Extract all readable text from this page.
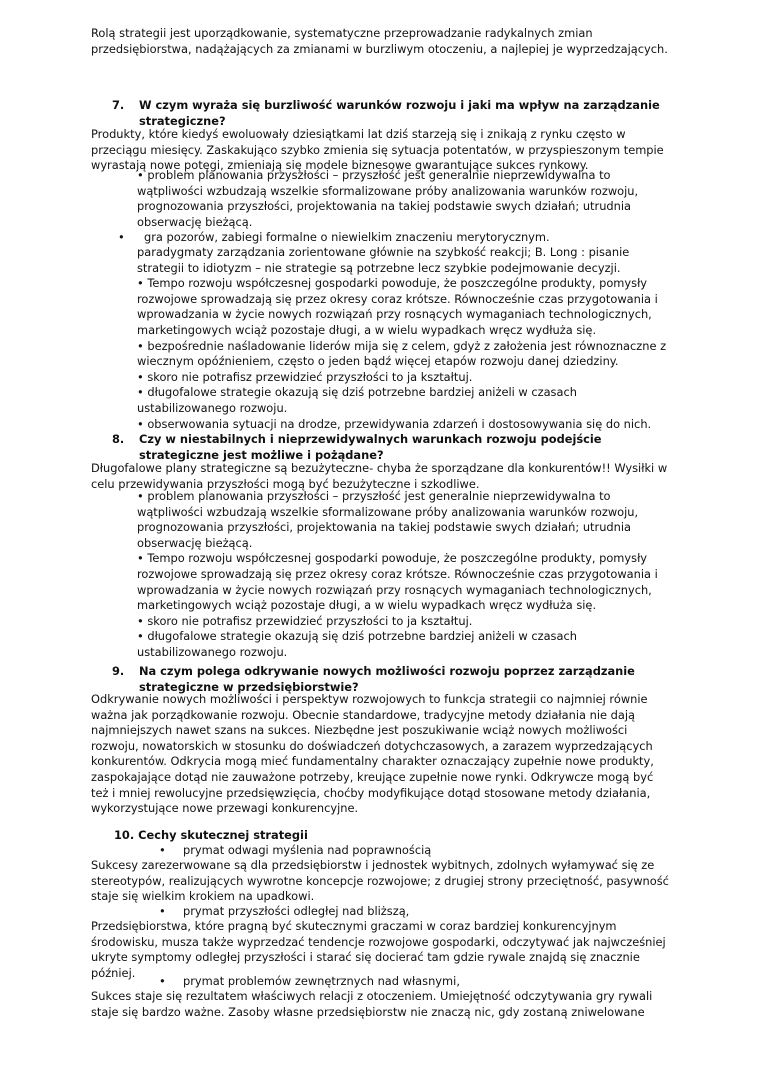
Rolą strategii jest uporządkowanie, systematyczne przeprowadzanie radykalnych zmian przedsiębiorstwa, nadążających za zmianami w burzliwym otoczeniu, a najlepiej je wyprzedzających.

7. W czym wyraża się burzliwość warunków rozwoju i jaki ma wpływ na zarządzanie strategiczne?

Produkty, które kiedyś ewoluowały dziesiątkami lat dziś starzeją się i znikają z rynku często w przeciągu miesięcy. Zaskakująco szybko zmienia się sytuacja potentatów, w przyspieszonym tempie wyrastają nowe potęgi, zmieniają się modele biznesowe gwarantujące sukces rynkowy.

• problem planowania przyszłości – przyszłość jest generalnie nieprzewidywalna to wątpliwości wzbudzają wszelkie sformalizowane próby analizowania warunków rozwoju, prognozowania przyszłości, projektowania na takiej podstawie swych działań; utrudnia obserwację bieżącą.

• gra pozorów, zabiegi formalne o niewielkim znaczeniu merytorycznym.

paradygmaty zarządzania zorientowane głównie na szybkość reakcji; B. Long : pisanie strategii to idiotyzm – nie strategie są potrzebne lecz szybkie podejmowanie decyzji.

• Tempo rozwoju współczesnej gospodarki powoduje, że poszczególne produkty, pomysły rozwojowe sprowadzają się przez okresy coraz krótsze. Równocześnie czas przygotowania i wprowadzania w życie nowych rozwiązań przy rosnących wymaganiach technologicznych, marketingowych wciąż pozostaje długi, a w wielu wypadkach wręcz wydłuża się.

• bezpośrednie naśladowanie liderów mija się z celem, gdyż z założenia jest równoznaczne z wiecznym opóźnieniem, często o jeden bądź więcej etapów rozwoju danej dziedziny.

• skoro nie potrafisz przewidzieć przyszłości to ja kształtuj.

• długofalowe strategie okazują się dziś potrzebne bardziej aniżeli w czasach ustabilizowanego rozwoju.

• obserwowania sytuacji na drodze, przewidywania zdarzeń i dostosowywania się do nich.

8. Czy w niestabilnych i nieprzewidywalnych warunkach rozwoju podejście strategiczne jest możliwe i pożądane?

Długofalowe plany strategiczne są bezużyteczne- chyba że sporządzane dla konkurentów!! Wysiłki w celu przewidywania przyszłości mogą być bezużyteczne i szkodliwe.

• problem planowania przyszłości – przyszłość jest generalnie nieprzewidywalna to wątpliwości wzbudzają wszelkie sformalizowane próby analizowania warunków rozwoju, prognozowania przyszłości, projektowania na takiej podstawie swych działań; utrudnia obserwację bieżącą.

• Tempo rozwoju współczesnej gospodarki powoduje, że poszczególne produkty, pomysły rozwojowe sprowadzają się przez okresy coraz krótsze. Równocześnie czas przygotowania i wprowadzania w życie nowych rozwiązań przy rosnących wymaganiach technologicznych, marketingowych wciąż pozostaje długi, a w wielu wypadkach wręcz wydłuża się.

• skoro nie potrafisz przewidzieć przyszłości to ja kształtuj.

• długofalowe strategie okazują się dziś potrzebne bardziej aniżeli w czasach ustabilizowanego rozwoju.

9. Na czym polega odkrywanie nowych możliwości rozwoju poprzez zarządzanie strategiczne w przedsiębiorstwie?

Odkrywanie nowych możliwości i perspektyw rozwojowych to funkcja strategii co najmniej równie ważna jak porządkowanie rozwoju. Obecnie standardowe, tradycyjne metody działania nie dają najmniejszych nawet szans na sukces. Niezbędne jest poszukiwanie wciąż nowych możliwości rozwoju, nowatorskich w stosunku do doświadczeń dotychczasowych, a zarazem wyprzedzających konkurentów. Odkrycia mogą mieć fundamentalny charakter oznaczający zupełnie nowe produkty, zaspokajające dotąd nie zauważone potrzeby, kreujące zupełnie nowe rynki. Odkrywcze mogą być też i mniej rewolucyjne przedsięwzięcia, choćby modyfikujące dotąd stosowane metody działania, wykorzystujące nowe przewagi konkurencyjne.

10. Cechy skutecznej strategii

• prymat odwagi myślenia nad poprawnością

Sukcesy zarezerwowane są dla przedsiębiorstw i jednostek wybitnych, zdolnych wyłamywać się ze stereotypów, realizujących wywrotne koncepcje rozwojowe; z drugiej strony przeciętność, pasywność staje się wielkim krokiem na upadkowi.

• prymat przyszłości odległej nad bliższą,

Przedsiębiorstwa, które pragną być skutecznymi graczami w coraz bardziej konkurencyjnym środowisku, musza także wyprzedzać tendencje rozwojowe gospodarki, odczytywać jak najwcześniej ukryte symptomy odległej przyszłości i starać się docierać tam gdzie rywale znajdą się znacznie później.

• prymat problemów zewnętrznych nad własnymi,

Sukces staje się rezultatem właściwych relacji z otoczeniem. Umiejętność odczytywania gry rywali staje się bardzo ważne. Zasoby własne przedsiębiorstw nie znaczą nic, gdy zostaną zniwelowane
